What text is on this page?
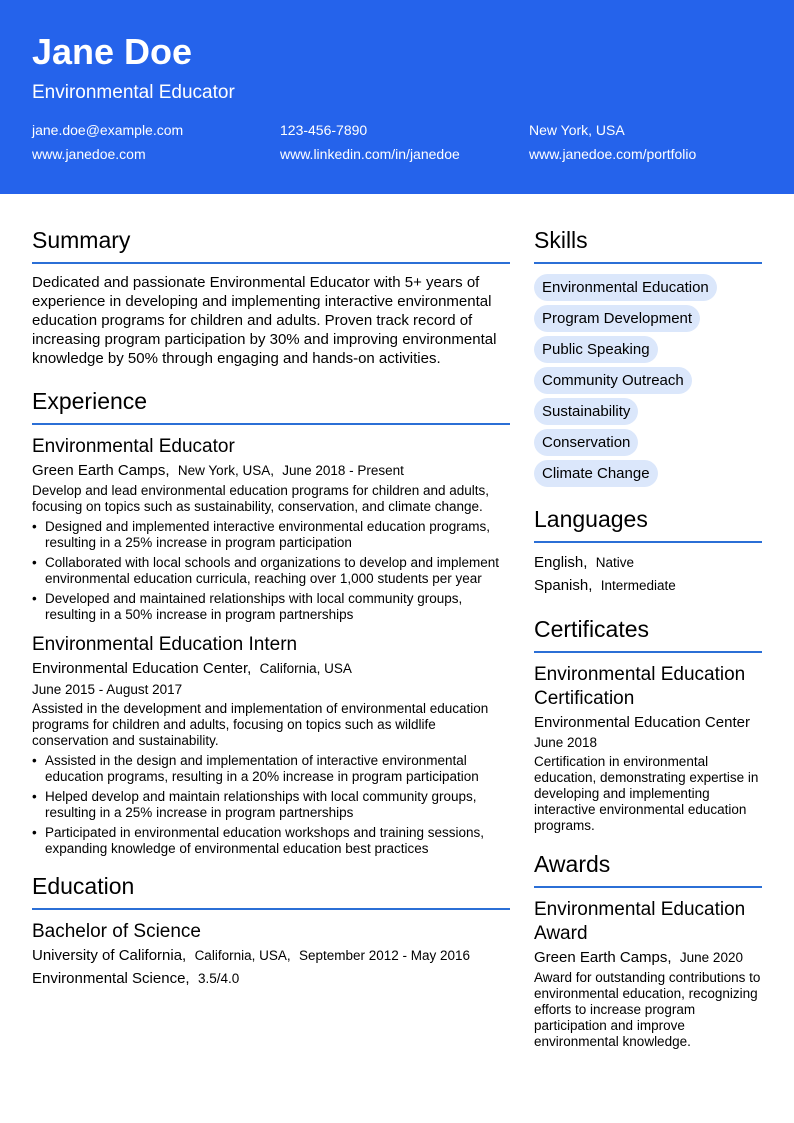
Jane Doe
Environmental Educator
jane.doe@example.com	123-456-7890	New York, USA
www.janedoe.com	www.linkedin.com/in/janedoe	www.janedoe.com/portfolio
Summary

Dedicated and passionate Environmental Educator with 5+ years of experience in developing and implementing interactive environmental education programs for children and adults. Proven track record of increasing program participation by 30% and improving environmental knowledge by 50% through engaging and hands-on activities.

Experience
Environmental Educator
Green Earth Camps, New York, USA, June 2018 - Present
Develop and lead environmental education programs for children and adults, focusing on topics such as sustainability, conservation, and climate change.
• Designed and implemented interactive environmental education programs, resulting in a 25% increase in program participation
• Collaborated with local schools and organizations to develop and implement environmental education curricula, reaching over 1,000 students per year
• Developed and maintained relationships with local community groups, resulting in a 50% increase in program partnerships
Environmental Education Intern
Environmental Education Center, California, USA
June 2015 - August 2017
Assisted in the development and implementation of environmental education programs for children and adults, focusing on topics such as wildlife conservation and sustainability.
• Assisted in the design and implementation of interactive environmental education programs, resulting in a 20% increase in program participation
• Helped develop and maintain relationships with local community groups, resulting in a 25% increase in program partnerships
• Participated in environmental education workshops and training sessions, expanding knowledge of environmental education best practices
Education
Bachelor of Science
University of California, California, USA, September 2012 - May 2016
Environmental Science, 3.5/4.0
Skills
Environmental Education
Program Development
Public Speaking
Community Outreach
Sustainability
Conservation
Climate Change
Languages
English, Native
Spanish, Intermediate
Certificates
Environmental Education Certification
Environmental Education Center
June 2018
Certification in environmental education, demonstrating expertise in developing and implementing interactive environmental education programs.
Awards
Environmental Education Award
Green Earth Camps, June 2020
Award for outstanding contributions to environmental education, recognizing efforts to increase program participation and improve environmental knowledge.
